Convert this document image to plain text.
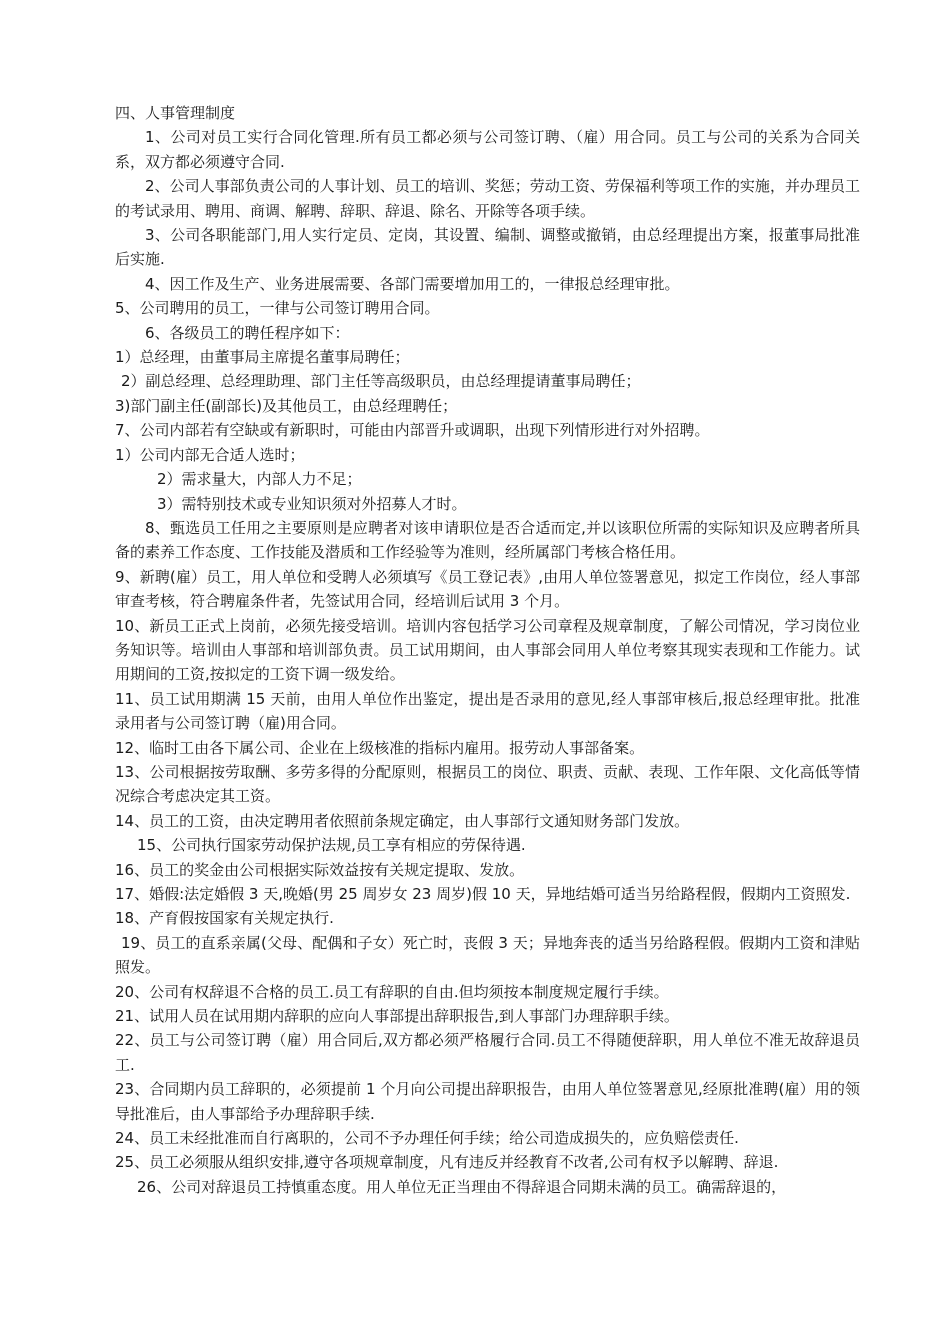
四、人事管理制度

1、公司对员工实行合同化管理.所有员工都必须与公司签订聘、（雇）用合同。员工与公司的关系为合同关系，双方都必须遵守合同.

2、公司人事部负责公司的人事计划、员工的培训、奖惩；劳动工资、劳保福利等项工作的实施，并办理员工的考试录用、聘用、商调、解聘、辞职、辞退、除名、开除等各项手续。

3、公司各职能部门,用人实行定员、定岗，其设置、编制、调整或撤销，由总经理提出方案，报董事局批准后实施.

4、因工作及生产、业务进展需要、各部门需要增加用工的，一律报总经理审批。

5、公司聘用的员工，一律与公司签订聘用合同。

6、各级员工的聘任程序如下：

1）总经理，由董事局主席提名董事局聘任；

2）副总经理、总经理助理、部门主任等高级职员，由总经理提请董事局聘任；

3)部门副主任(副部长)及其他员工，由总经理聘任；

7、公司内部若有空缺或有新职时，可能由内部晋升或调职，出现下列情形进行对外招聘。

1）公司内部无合适人选时；

2）需求量大，内部人力不足；

3）需特别技术或专业知识须对外招募人才时。

8、甄选员工任用之主要原则是应聘者对该申请职位是否合适而定,并以该职位所需的实际知识及应聘者所具备的素养工作态度、工作技能及潜质和工作经验等为准则，经所属部门考核合格任用。

9、新聘(雇）员工，用人单位和受聘人必须填写《员工登记表》,由用人单位签署意见，拟定工作岗位，经人事部审查考核，符合聘雇条件者，先签试用合同，经培训后试用 3 个月。

10、新员工正式上岗前，必须先接受培训。培训内容包括学习公司章程及规章制度，了解公司情况，学习岗位业务知识等。培训由人事部和培训部负责。员工试用期间，由人事部会同用人单位考察其现实表现和工作能力。试用期间的工资,按拟定的工资下调一级发给。

11、员工试用期满 15 天前，由用人单位作出鉴定，提出是否录用的意见,经人事部审核后,报总经理审批。批准录用者与公司签订聘（雇)用合同。

12、临时工由各下属公司、企业在上级核准的指标内雇用。报劳动人事部备案。

13、公司根据按劳取酬、多劳多得的分配原则，根据员工的岗位、职责、贡献、表现、工作年限、文化高低等情况综合考虑决定其工资。

14、员工的工资，由决定聘用者依照前条规定确定，由人事部行文通知财务部门发放。

15、公司执行国家劳动保护法规,员工享有相应的劳保待遇.

16、员工的奖金由公司根据实际效益按有关规定提取、发放。

17、婚假:法定婚假 3 天,晚婚(男 25 周岁女 23 周岁)假 10 天，异地结婚可适当另给路程假，假期内工资照发.

18、产育假按国家有关规定执行.

19、员工的直系亲属(父母、配偶和子女）死亡时，丧假 3 天；异地奔丧的适当另给路程假。假期内工资和津贴照发。

20、公司有权辞退不合格的员工.员工有辞职的自由.但均须按本制度规定履行手续。

21、试用人员在试用期内辞职的应向人事部提出辞职报告,到人事部门办理辞职手续。

22、员工与公司签订聘（雇）用合同后,双方都必须严格履行合同.员工不得随便辞职，用人单位不准无故辞退员工.

23、合同期内员工辞职的，必须提前 1 个月向公司提出辞职报告，由用人单位签署意见,经原批准聘(雇）用的领导批准后，由人事部给予办理辞职手续.

24、员工未经批准而自行离职的，公司不予办理任何手续；给公司造成损失的，应负赔偿责任.

25、员工必须服从组织安排,遵守各项规章制度，凡有违反并经教育不改者,公司有权予以解聘、辞退.

26、公司对辞退员工持慎重态度。用人单位无正当理由不得辞退合同期未满的员工。确需辞退的，
